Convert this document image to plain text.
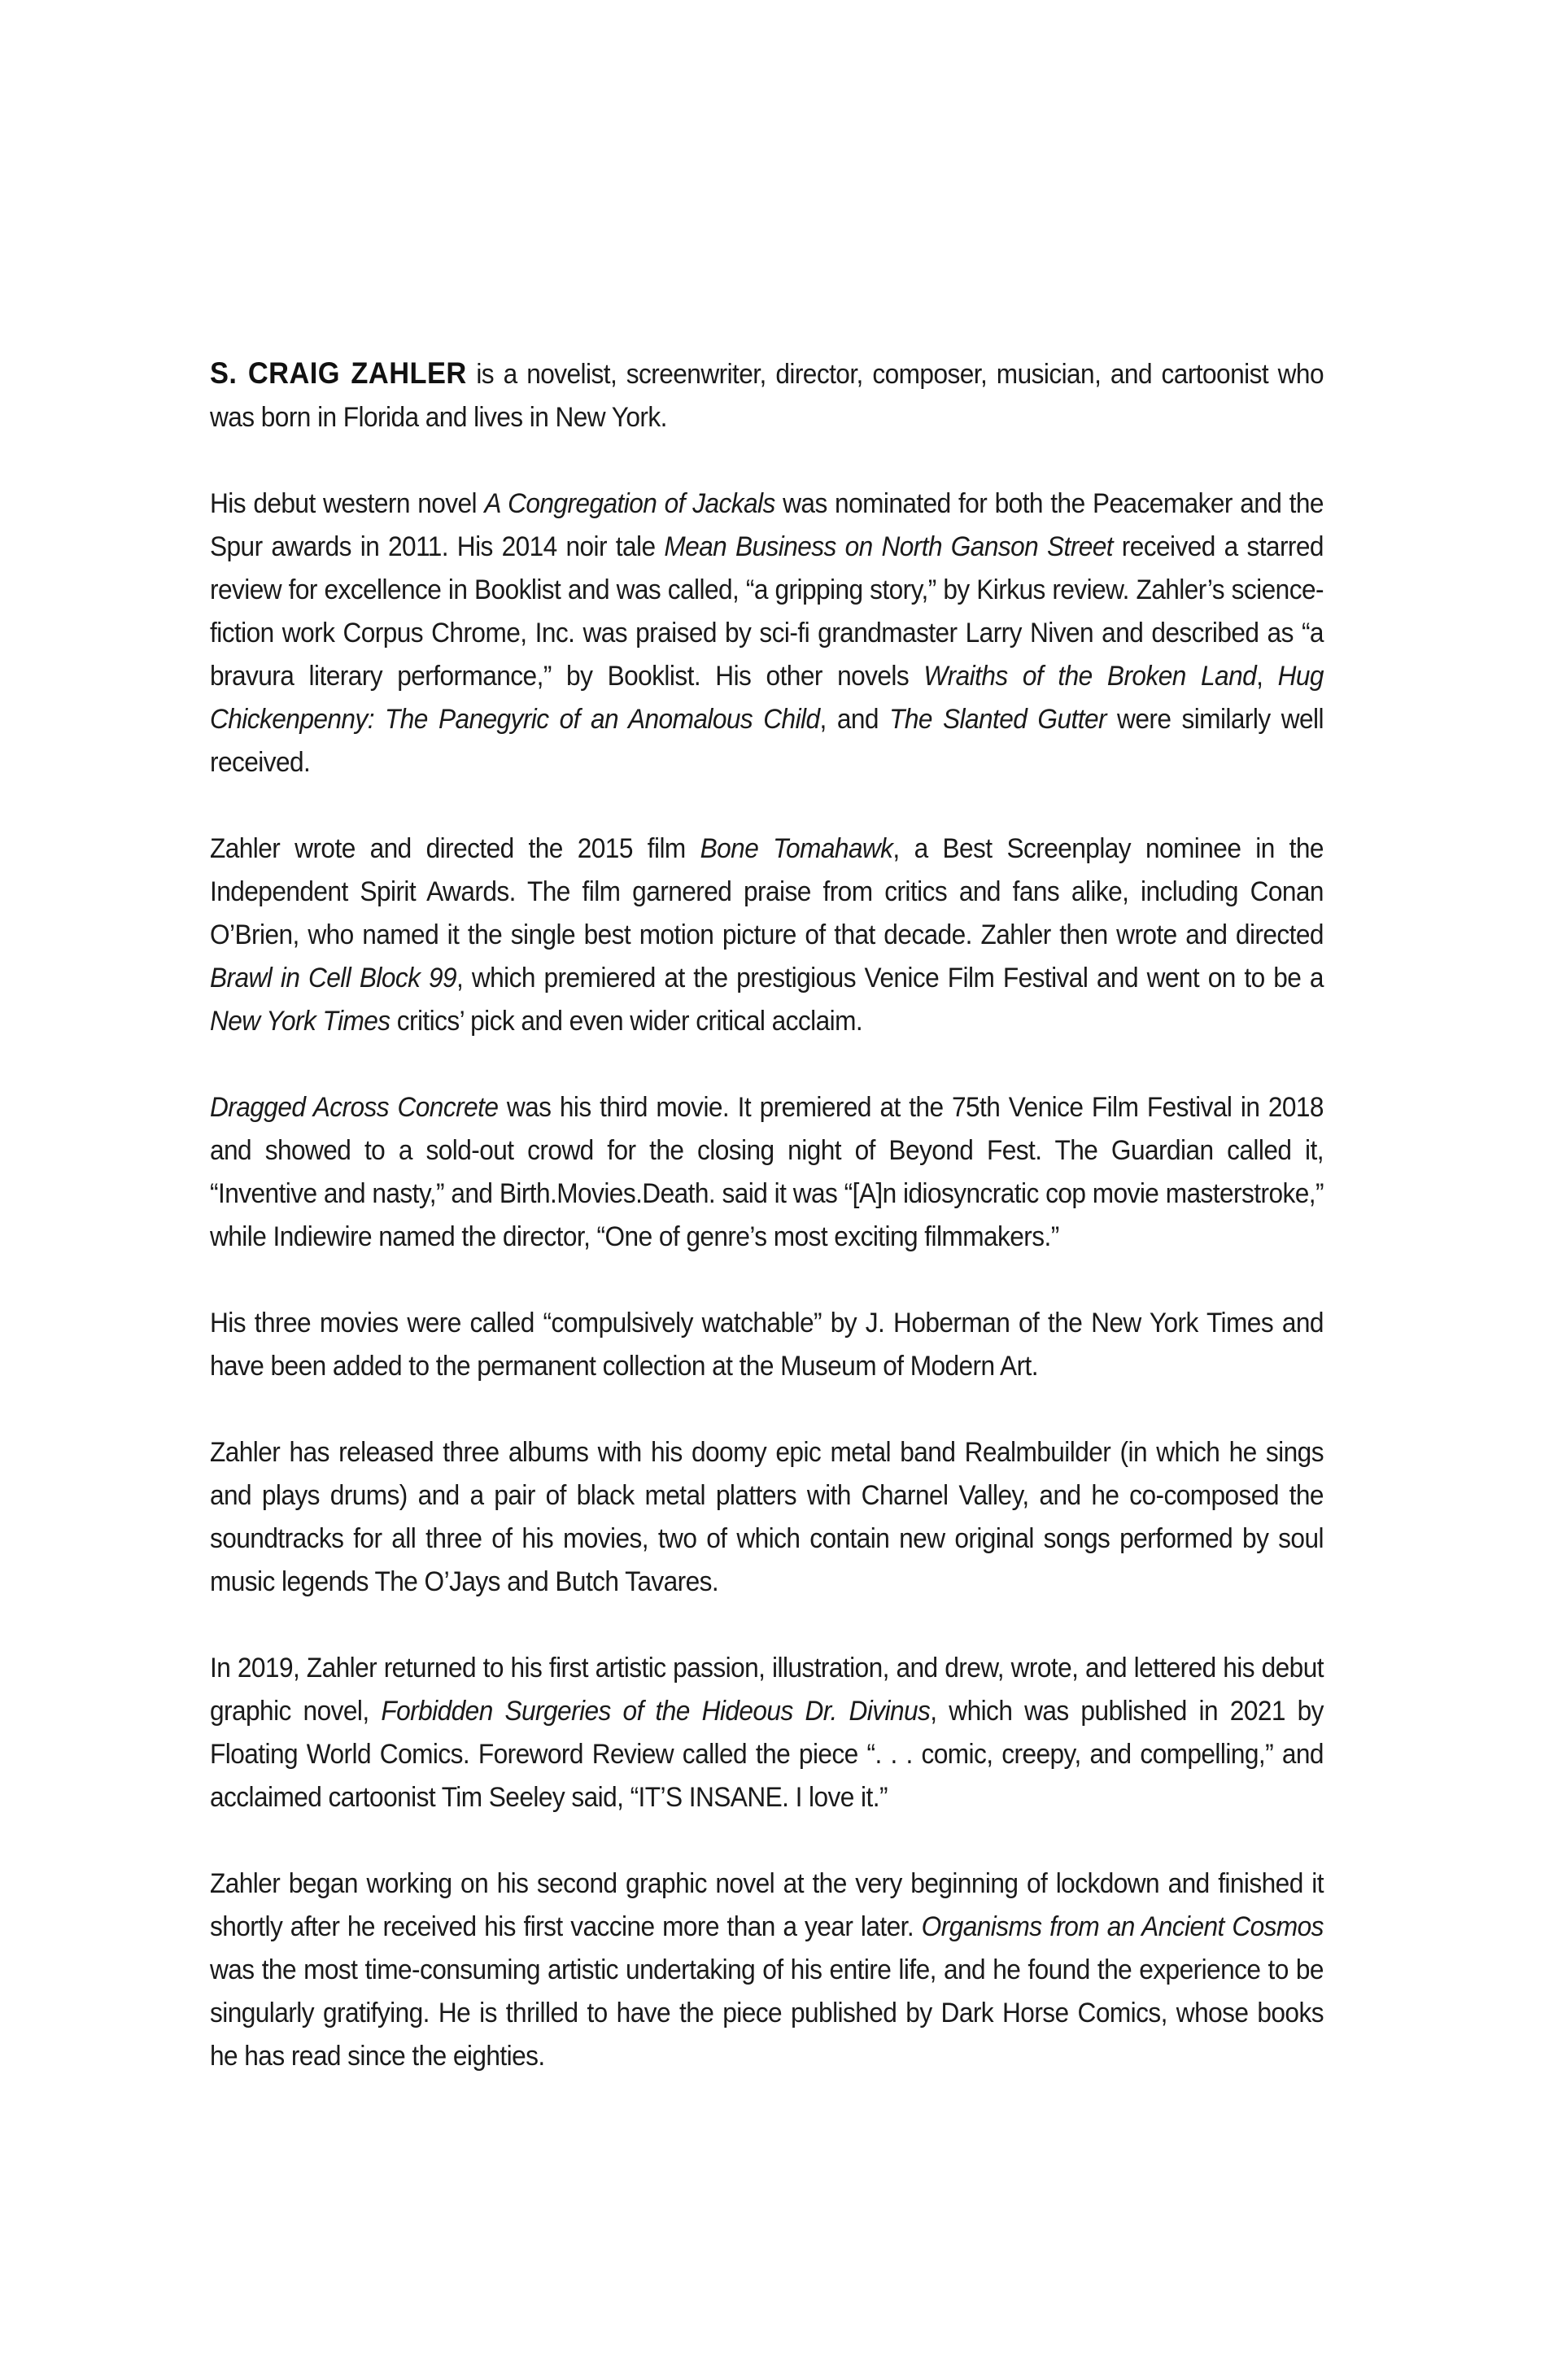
S. CRAIG ZAHLER is a novelist, screenwriter, director, composer, musician, and cartoonist who was born in Florida and lives in New York.

His debut western novel A Congregation of Jackals was nominated for both the Peacemaker and the Spur awards in 2011. His 2014 noir tale Mean Business on North Ganson Street received a starred review for excellence in Booklist and was called, “a gripping story,” by Kirkus review. Zahler’s science-fiction work Corpus Chrome, Inc. was praised by sci-fi grandmaster Larry Niven and described as “a bravura literary performance,” by Booklist. His other novels Wraiths of the Broken Land, Hug Chickenpenny: The Panegyric of an Anomalous Child, and The Slanted Gutter were similarly well received.

Zahler wrote and directed the 2015 film Bone Tomahawk, a Best Screenplay nominee in the Independent Spirit Awards. The film garnered praise from critics and fans alike, including Conan O’Brien, who named it the single best motion picture of that decade. Zahler then wrote and directed Brawl in Cell Block 99, which premiered at the prestigious Venice Film Festival and went on to be a New York Times critics’ pick and even wider critical acclaim.

Dragged Across Concrete was his third movie. It premiered at the 75th Venice Film Festival in 2018 and showed to a sold-out crowd for the closing night of Beyond Fest. The Guardian called it, “Inventive and nasty,” and Birth.Movies.Death. said it was “[A]n idiosyncratic cop movie masterstroke,” while Indiewire named the director, “One of genre’s most exciting filmmakers.”

His three movies were called “compulsively watchable” by J. Hoberman of the New York Times and have been added to the permanent collection at the Museum of Modern Art.

Zahler has released three albums with his doomy epic metal band Realmbuilder (in which he sings and plays drums) and a pair of black metal platters with Charnel Valley, and he co-composed the soundtracks for all three of his movies, two of which contain new original songs performed by soul music legends The O’Jays and Butch Tavares.

In 2019, Zahler returned to his first artistic passion, illustration, and drew, wrote, and lettered his debut graphic novel, Forbidden Surgeries of the Hideous Dr. Divinus, which was published in 2021 by Floating World Comics. Foreword Review called the piece “. . . comic, creepy, and compelling,” and acclaimed cartoonist Tim Seeley said, “IT’S INSANE. I love it.”

Zahler began working on his second graphic novel at the very beginning of lockdown and finished it shortly after he received his first vaccine more than a year later. Organisms from an Ancient Cosmos was the most time-consuming artistic undertaking of his entire life, and he found the experience to be singularly gratifying. He is thrilled to have the piece published by Dark Horse Comics, whose books he has read since the eighties.
